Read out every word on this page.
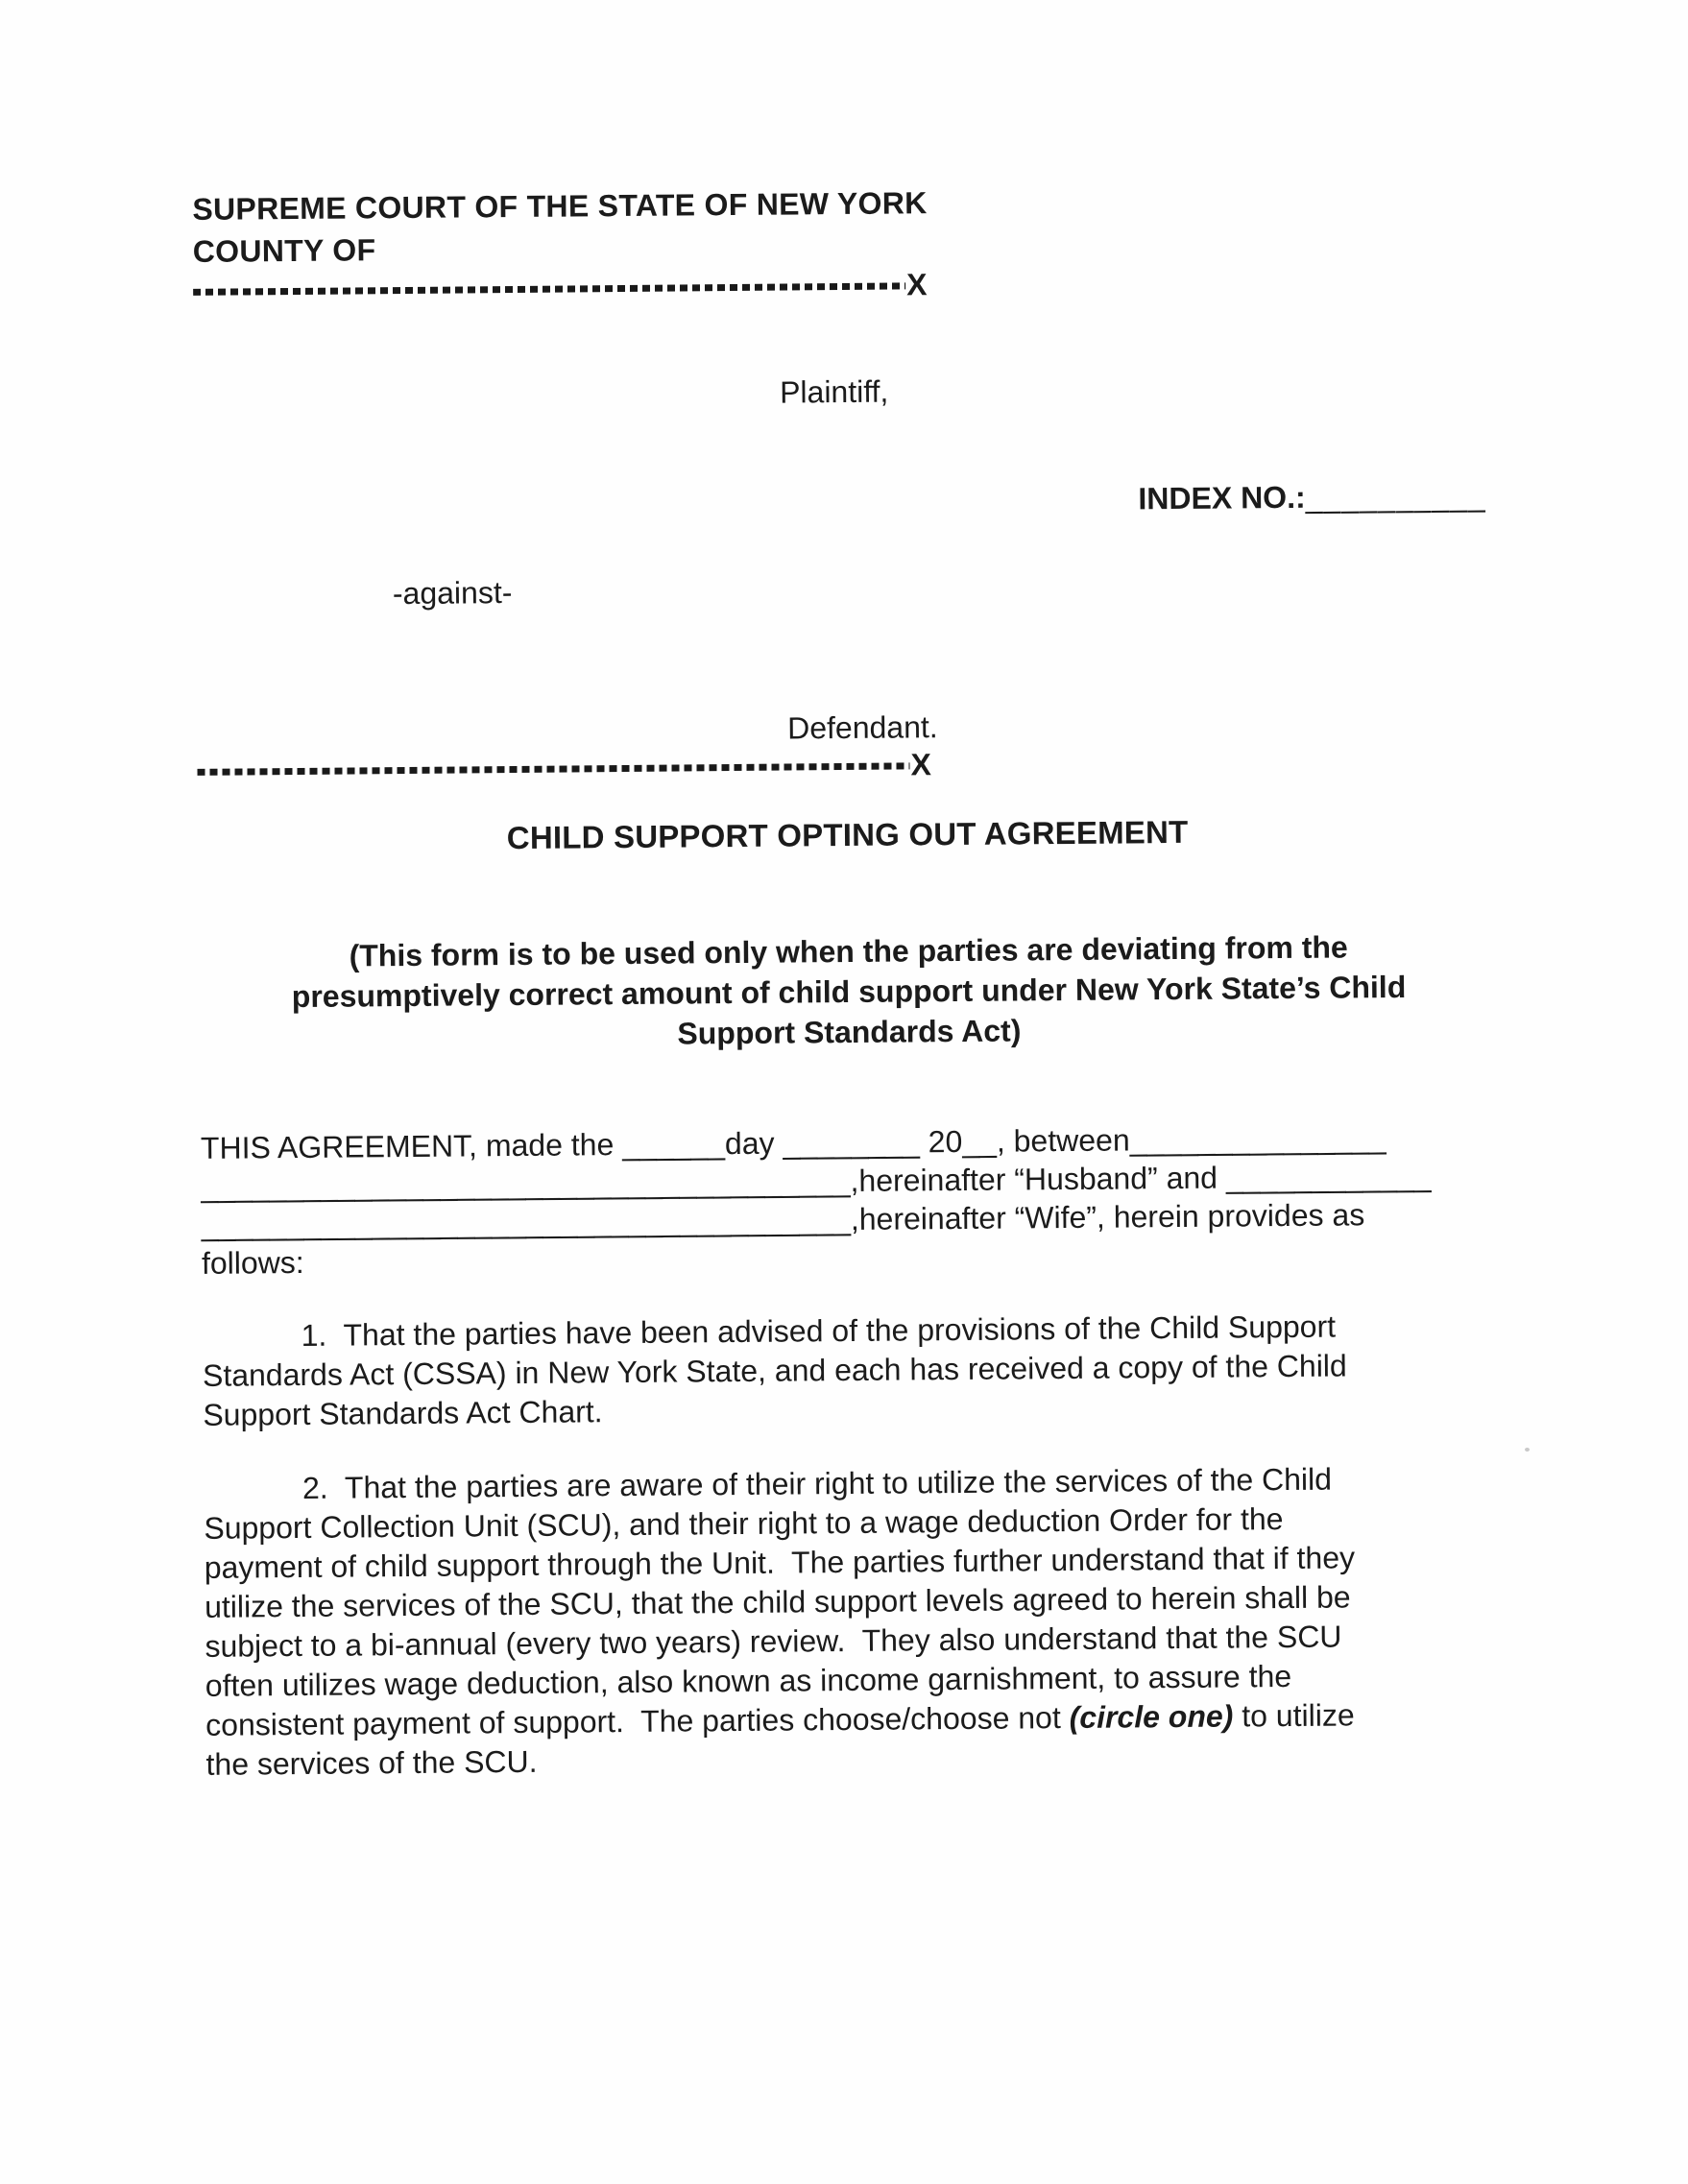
SUPREME COURT OF THE STATE OF NEW YORK
COUNTY OF
X
Plaintiff,

INDEX NO.:__________

-against-
Defendant.
X
CHILD SUPPORT OPTING OUT AGREEMENT
(This form is to be used only when the parties are deviating from the
presumptively correct amount of child support under New York State’s Child
Support Standards Act)
THIS AGREEMENT, made the ______day ________ 20__, between_______________
______________________________________,hereinafter “Husband” and ____________
______________________________________,hereinafter “Wife”, herein provides as
follows:
1.  That the parties have been advised of the provisions of the Child Support
Standards Act (CSSA) in New York State, and each has received a copy of the Child
Support Standards Act Chart.
2.  That the parties are aware of their right to utilize the services of the Child
Support Collection Unit (SCU), and their right to a wage deduction Order for the
payment of child support through the Unit.  The parties further understand that if they
utilize the services of the SCU, that the child support levels agreed to herein shall be
subject to a bi-annual (every two years) review.  They also understand that the SCU
often utilizes wage deduction, also known as income garnishment, to assure the
consistent payment of support.  The parties choose/choose not (circle one) to utilize
the services of the SCU.
